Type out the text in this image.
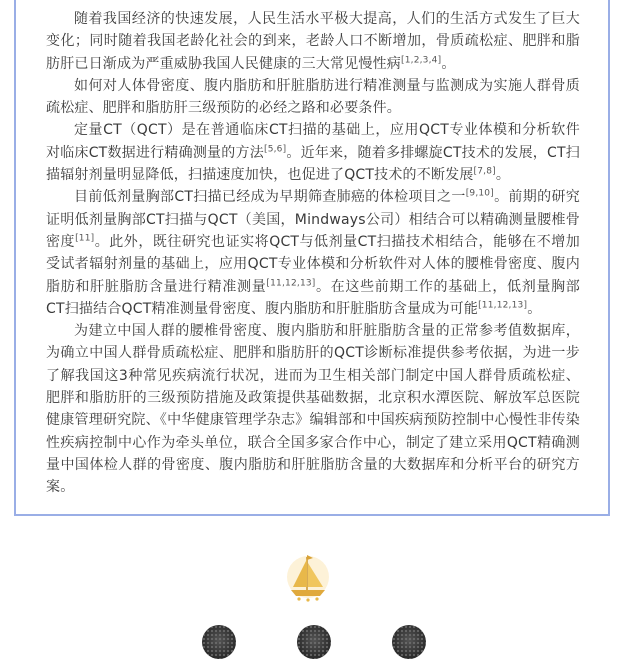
随着我国经济的快速发展，人民生活水平极大提高，人们的生活方式发生了巨大变化；同时随着我国老龄化社会的到来，老龄人口不断增加，骨质疏松症、肥胖和脂肪肝已日渐成为严重威胁我国人民健康的三大常见慢性病[1,2,3,4]。

如何对人体骨密度、腹内脂肪和肝脏脂肪进行精准测量与监测成为实施人群骨质疏松症、肥胖和脂肪肝三级预防的必经之路和必要条件。

定量CT（QCT）是在普通临床CT扫描的基础上，应用QCT专业体模和分析软件对临床CT数据进行精确测量的方法[5,6]。近年来，随着多排螺旋CT技术的发展，CT扫描辐射剂量明显降低，扫描速度加快，也促进了QCT技术的不断发展[7,8]。

目前低剂量胸部CT扫描已经成为早期筛查肺癌的体检项目之一[9,10]。前期的研究证明低剂量胸部CT扫描与QCT（美国，Mindways公司）相结合可以精确测量腰椎骨密度[11]。此外，既往研究也证实将QCT与低剂量CT扫描技术相结合，能够在不增加受试者辐射剂量的基础上，应用QCT专业体模和分析软件对人体的腰椎骨密度、腹内脂肪和肝脏脂肪含量进行精准测量[11,12,13]。在这些前期工作的基础上，低剂量胸部CT扫描结合QCT精准测量骨密度、腹内脂肪和肝脏脂肪含量成为可能[11,12,13]。

为建立中国人群的腰椎骨密度、腹内脂肪和肝脏脂肪含量的正常参考值数据库，为确立中国人群骨质疏松症、肥胖和脂肪肝的QCT诊断标准提供参考依据，为进一步了解我国这3种常见疾病流行状况，进而为卫生相关部门制定中国人群骨质疏松症、肥胖和脂肪肝的三级预防措施及政策提供基础数据，北京积水潭医院、解放军总医院健康管理研究院、《中华健康管理学杂志》编辑部和中国疾病预防控制中心慢性非传染性疾病控制中心作为牵头单位，联合全国多家合作中心，制定了建立采用QCT精确测量中国体检人群的骨密度、腹内脂肪和肝脏脂肪含量的大数据库和分析平台的研究方案。
